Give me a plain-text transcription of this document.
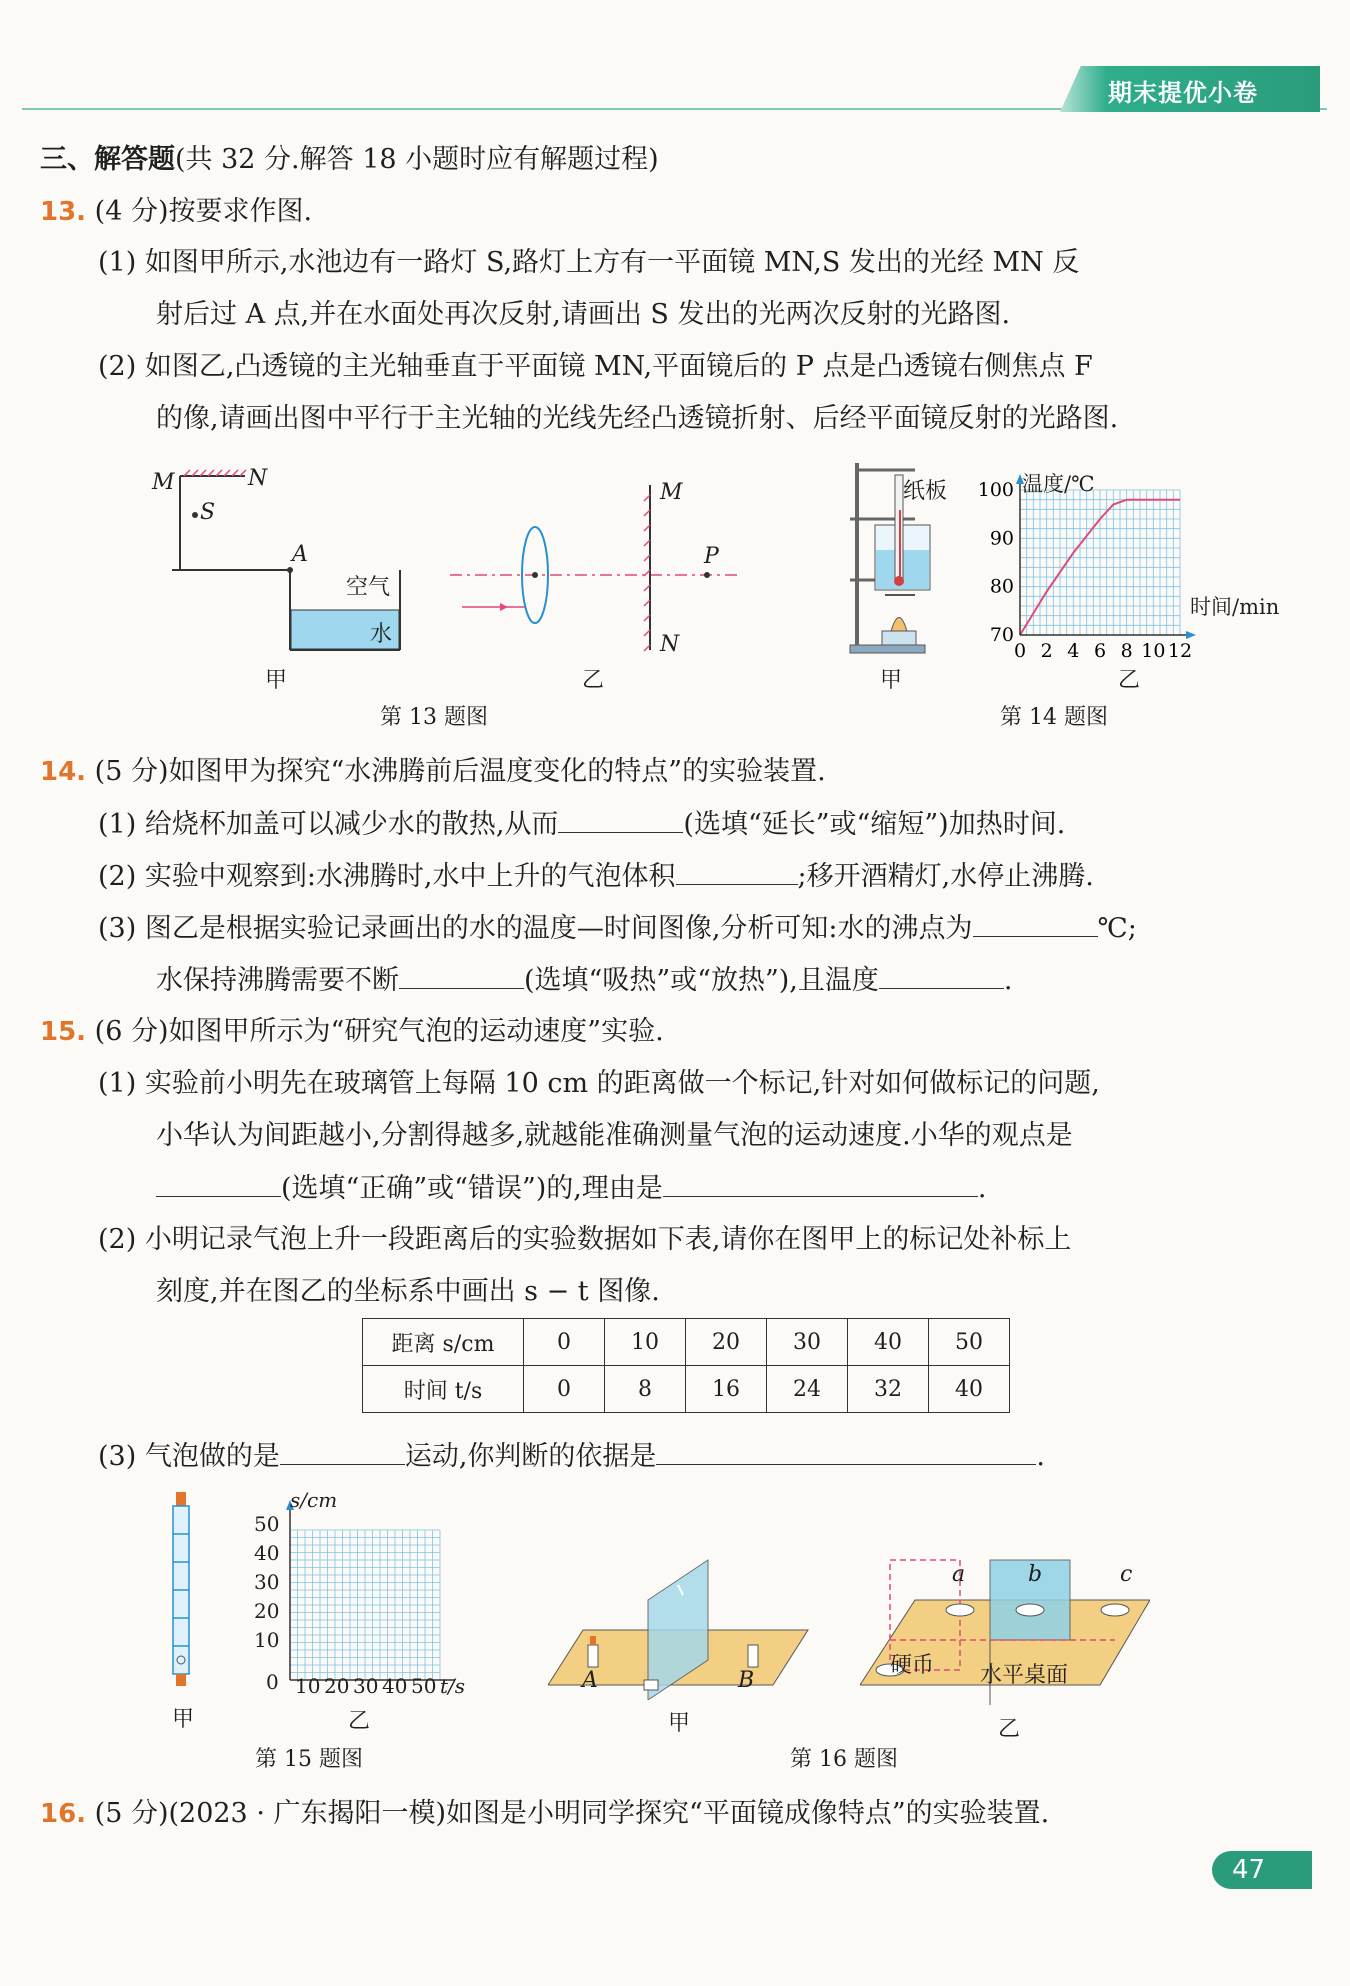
期末提优小卷
三、解答题(共 32 分.解答 18 小题时应有解题过程)
13. (4 分)按要求作图.
(1) 如图甲所示,水池边有一路灯 S,路灯上方有一平面镜 MN,S 发出的光经 MN 反
射后过 A 点,并在水面处再次反射,请画出 S 发出的光两次反射的光路图.
(2) 如图乙,凸透镜的主光轴垂直于平面镜 MN,平面镜后的 P 点是凸透镜右侧焦点 F
的像,请画出图中平行于主光轴的光线先经凸透镜折射、后经平面镜反射的光路图.
M	N
S
A
空气
水
甲
M
N
P
乙
第 13 题图
纸板
甲
100
90
80
70
0 2 4 6 8 10 12
温度/℃
时间/min
乙
第 14 题图
14. (5 分)如图甲为探究“水沸腾前后温度变化的特点”的实验装置.
(1) 给烧杯加盖可以减少水的散热,从而	(选填“延长”或“缩短”)加热时间.
(2) 实验中观察到:水沸腾时,水中上升的气泡体积	;移开酒精灯,水停止沸腾.
(3) 图乙是根据实验记录画出的水的温度—时间图像,分析可知:水的沸点为	℃;
水保持沸腾需要不断	(选填“吸热”或“放热”),且温度	.
15. (6 分)如图甲所示为“研究气泡的运动速度”实验.
(1) 实验前小明先在玻璃管上每隔 10 cm 的距离做一个标记,针对如何做标记的问题,
小华认为间距越小,分割得越多,就越能准确测量气泡的运动速度.小华的观点是
(选填“正确”或“错误”)的,理由是	.
(2) 小明记录气泡上升一段距离后的实验数据如下表,请你在图甲上的标记处补标上
刻度,并在图乙的坐标系中画出 s − t 图像.
距离 s/cm	0	10	20	30	40	50
时间 t/s	0	8	16	24	32	40
(3) 气泡做的是	运动,你判断的依据是	.
甲
s/cm
50
40
30
20
10
0 10 20 30 40 50 t/s
乙
第 15 题图
A	B
甲
a	b	c
硬币 水平桌面
乙
第 16 题图
16. (5 分)(2023 · 广东揭阳一模)如图是小明同学探究“平面镜成像特点”的实验装置.
47
